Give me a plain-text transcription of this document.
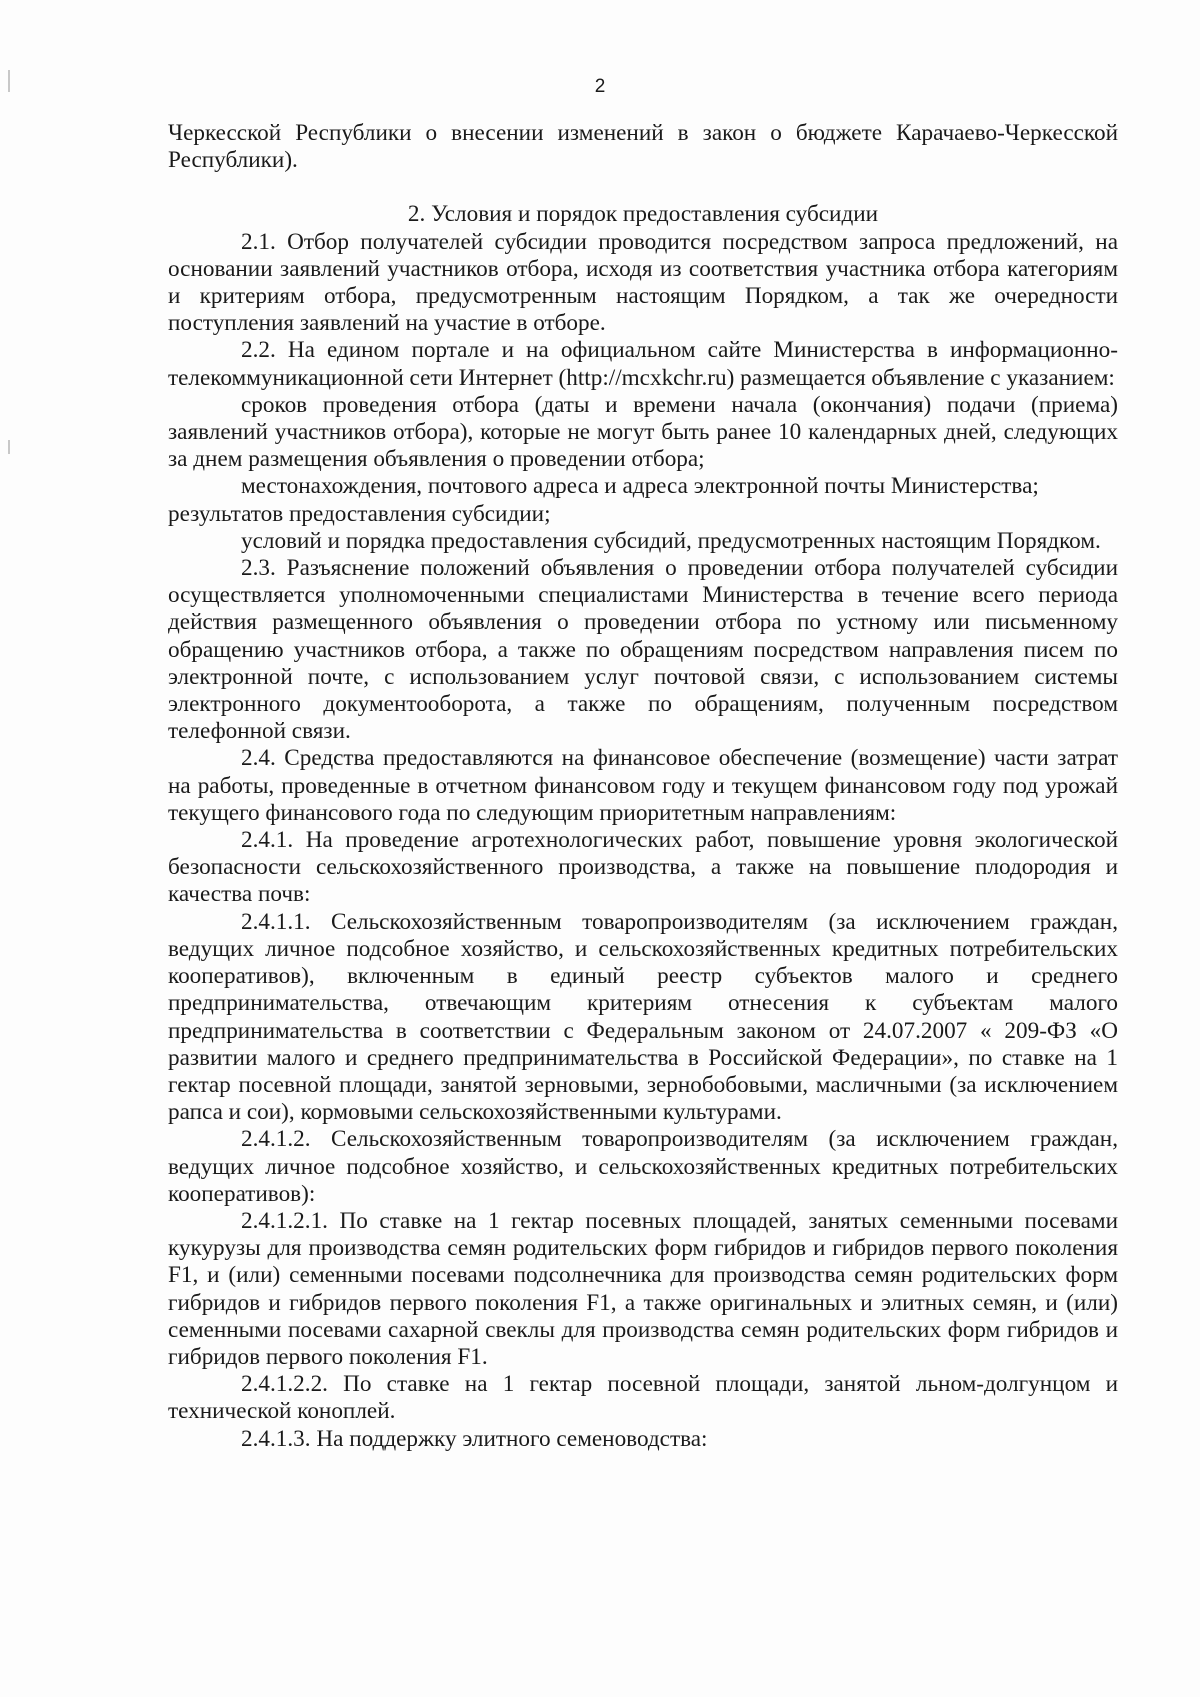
2

Черкесской Республики о внесении изменений в закон о бюджете Карачаево-Черкесской Республики).

2. Условия и порядок предоставления субсидии

2.1. Отбор получателей субсидии проводится посредством запроса предложений, на основании заявлений участников отбора, исходя из соответствия участника отбора категориям и критериям отбора, предусмотренным настоящим Порядком, а так же очередности поступления заявлений на участие в отборе.

2.2. На едином портале и на официальном сайте Министерства в информационно-телекоммуникационной сети Интернет (http://mcxkchr.ru) размещается объявление с указанием:

сроков проведения отбора (даты и времени начала (окончания) подачи (приема) заявлений участников отбора), которые не могут быть ранее 10 календарных дней, следующих за днем размещения объявления о проведении отбора;

местонахождения, почтового адреса и адреса электронной почты Министерства;

результатов предоставления субсидии;

условий и порядка предоставления субсидий, предусмотренных настоящим Порядком.

2.3. Разъяснение положений объявления о проведении отбора получателей субсидии осуществляется уполномоченными специалистами Министерства в течение всего периода действия размещенного объявления о проведении отбора по устному или письменному обращению участников отбора, а также по обращениям посредством направления писем по электронной почте, с использованием услуг почтовой связи, с использованием системы электронного документооборота, а также по обращениям, полученным посредством телефонной связи.

2.4. Средства предоставляются на финансовое обеспечение (возмещение) части затрат на работы, проведенные в отчетном финансовом году и текущем финансовом году под урожай текущего финансового года по следующим приоритетным направлениям:

2.4.1. На проведение агротехнологических работ, повышение уровня экологической безопасности сельскохозяйственного производства, а также на повышение плодородия и качества почв:

2.4.1.1. Сельскохозяйственным товаропроизводителям (за исключением граждан, ведущих личное подсобное хозяйство, и сельскохозяйственных кредитных потребительских кооперативов), включенным в единый реестр субъектов малого и среднего предпринимательства, отвечающим критериям отнесения к субъектам малого предпринимательства в соответствии с Федеральным законом от 24.07.2007 « 209-ФЗ «О развитии малого и среднего предпринимательства в Российской Федерации», по ставке на 1 гектар посевной площади, занятой зерновыми, зернобобовыми, масличными (за исключением рапса и сои), кормовыми сельскохозяйственными культурами.

2.4.1.2. Сельскохозяйственным товаропроизводителям (за исключением граждан, ведущих личное подсобное хозяйство, и сельскохозяйственных кредитных потребительских кооперативов):

2.4.1.2.1. По ставке на 1 гектар посевных площадей, занятых семенными посевами кукурузы для производства семян родительских форм гибридов и гибридов первого поколения F1, и (или) семенными посевами подсолнечника для производства семян родительских форм гибридов и гибридов первого поколения F1, а также оригинальных и элитных семян, и (или) семенными посевами сахарной свеклы для производства семян родительских форм гибридов и гибридов первого поколения F1.

2.4.1.2.2. По ставке на 1 гектар посевной площади, занятой льном-долгунцом и технической коноплей.

2.4.1.3. На поддержку элитного семеноводства:
